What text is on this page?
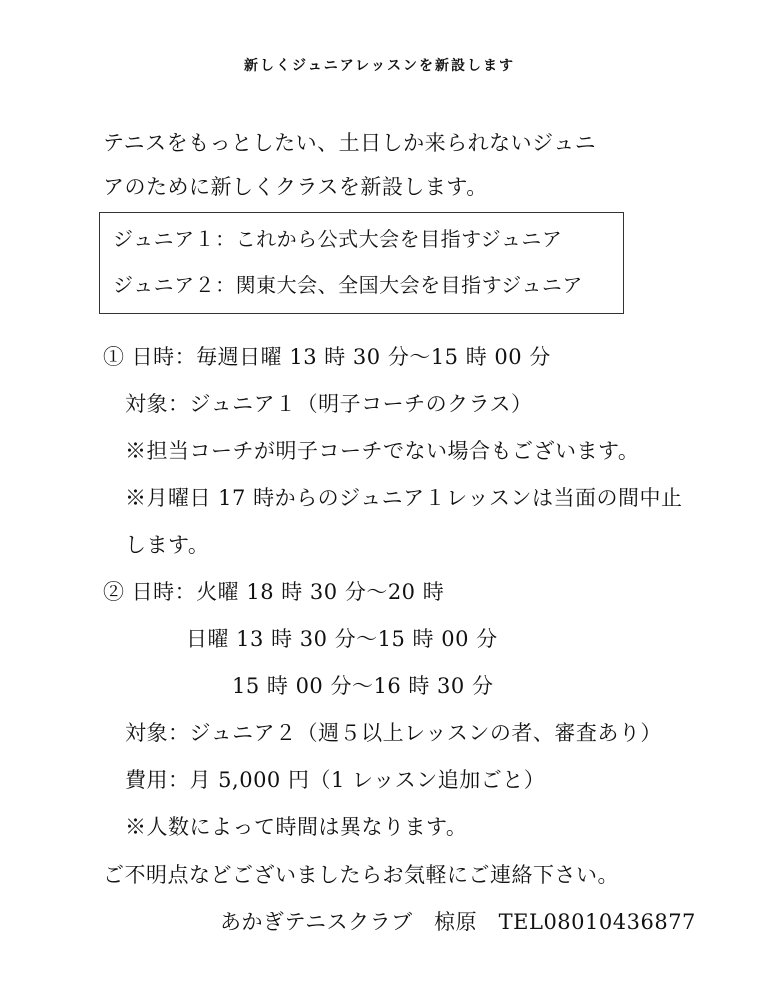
新しくジュニアレッスンを新設します
テニスをもっとしたい、土日しか来られないジュニ
アのために新しくクラスを新設します。
ジュニア１：これから公式大会を目指すジュニア
ジュニア２：関東大会、全国大会を目指すジュニア
① 日時：毎週日曜 13 時 30 分～15 時 00 分
対象：ジュニア１（明子コーチのクラス）
※担当コーチが明子コーチでない場合もございます。
※月曜日 17 時からのジュニア１レッスンは当面の間中止
します。
② 日時：火曜 18 時 30 分～20 時
日曜 13 時 30 分～15 時 00 分
15 時 00 分～16 時 30 分
対象：ジュニア２（週５以上レッスンの者、審査あり）
費用：月 5,000 円（1 レッスン追加ごと）
※人数によって時間は異なります。
ご不明点などございましたらお気軽にご連絡下さい。
あかぎテニスクラブ　椋原　TEL08010436877
